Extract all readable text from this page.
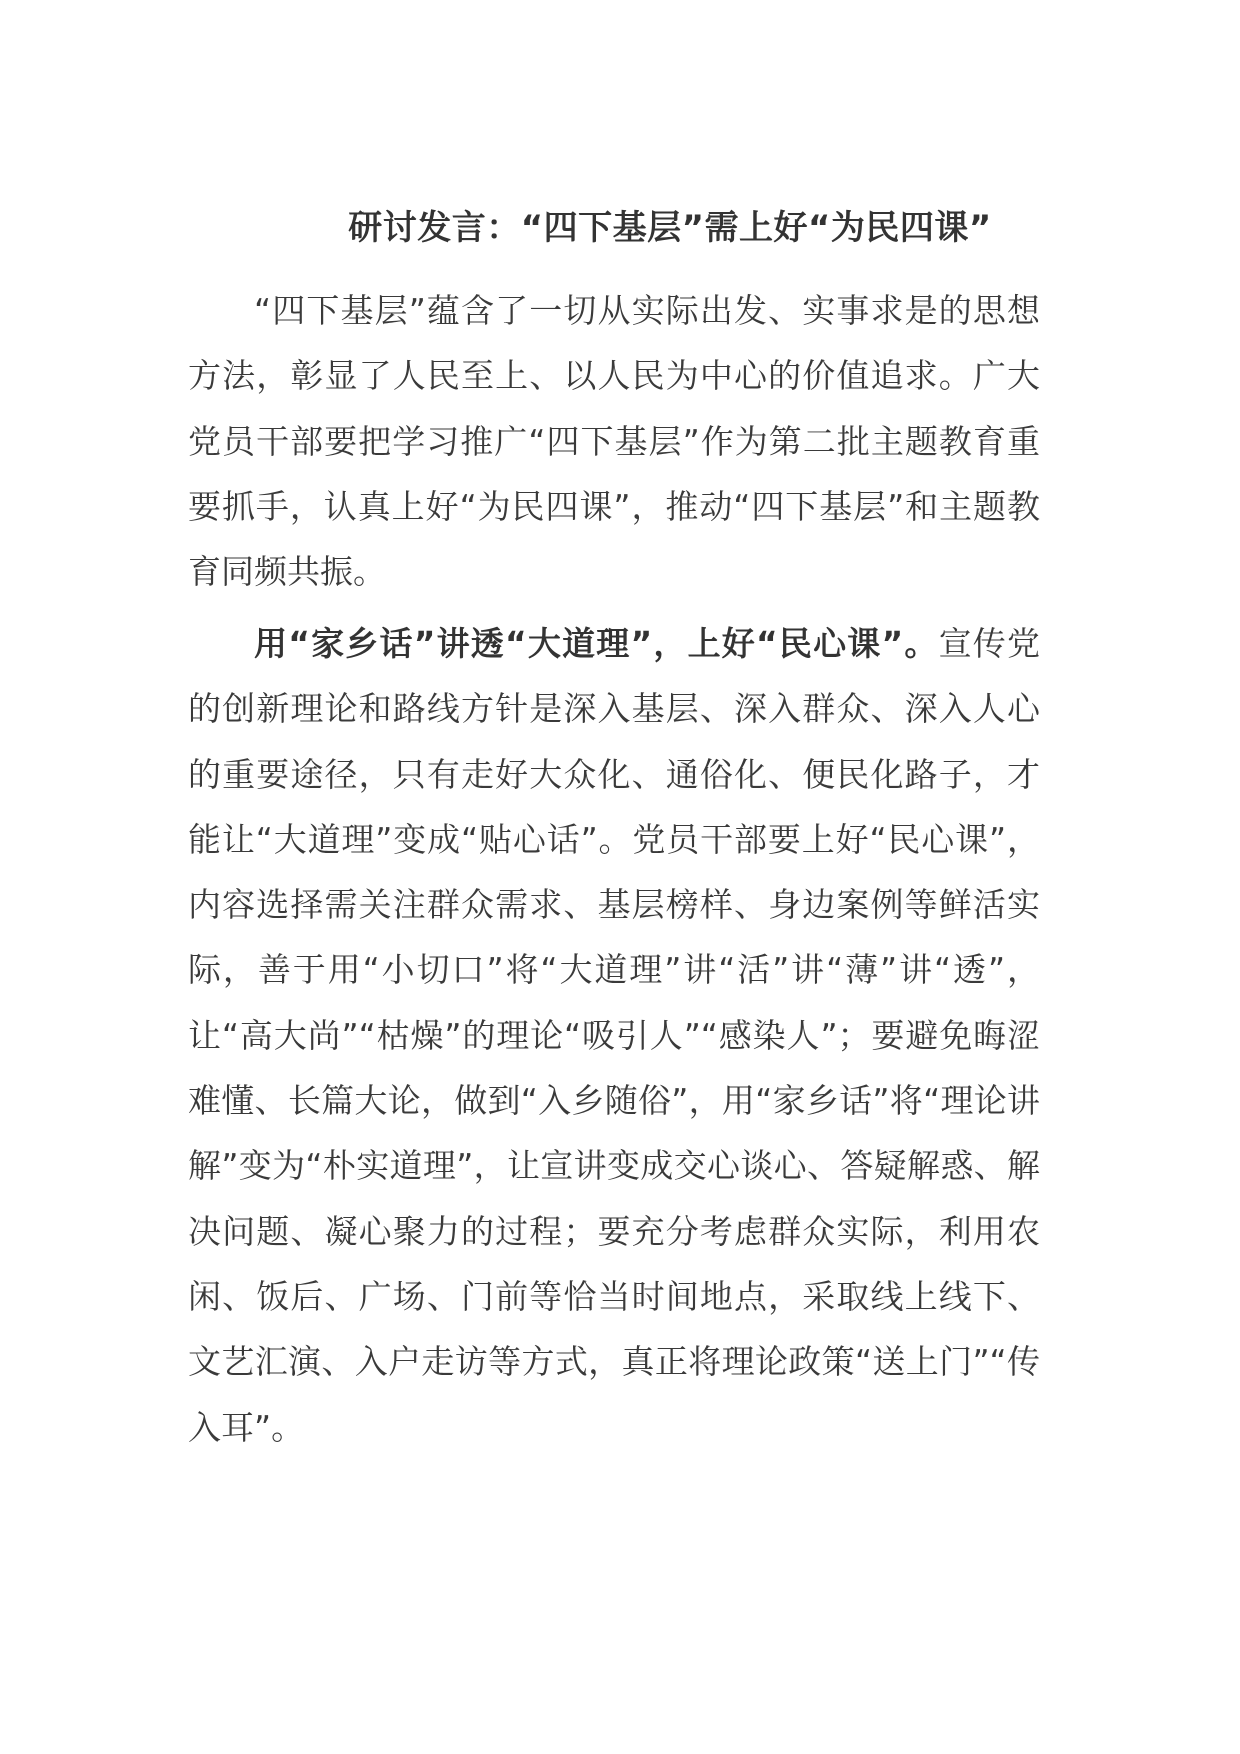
研讨发言：“四下基层”需上好“为民四课”

“四下基层”蕴含了一切从实际出发、实事求是的思想方法，彰显了人民至上、以人民为中心的价值追求。广大党员干部要把学习推广“四下基层”作为第二批主题教育重要抓手，认真上好“为民四课”，推动“四下基层”和主题教育同频共振。

用“家乡话”讲透“大道理”，上好“民心课”。宣传党的创新理论和路线方针是深入基层、深入群众、深入人心的重要途径，只有走好大众化、通俗化、便民化路子，才能让“大道理”变成“贴心话”。党员干部要上好“民心课”，内容选择需关注群众需求、基层榜样、身边案例等鲜活实际，善于用“小切口”将“大道理”讲“活”讲“薄”讲“透”，让“高大尚”“枯燥”的理论“吸引人”“感染人”；要避免晦涩难懂、长篇大论，做到“入乡随俗”，用“家乡话”将“理论讲解”变为“朴实道理”，让宣讲变成交心谈心、答疑解惑、解决问题、凝心聚力的过程；要充分考虑群众实际，利用农闲、饭后、广场、门前等恰当时间地点，采取线上线下、文艺汇演、入户走访等方式，真正将理论政策“送上门”“传入耳”。
